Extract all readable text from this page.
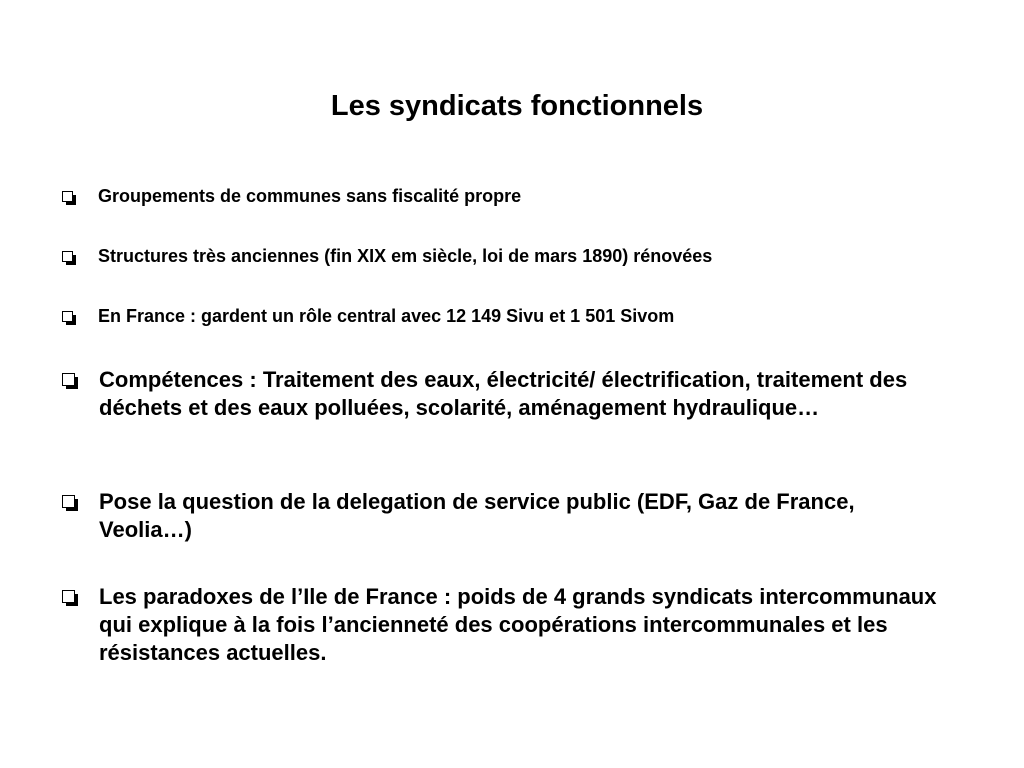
Les syndicats fonctionnels
Groupements de communes sans fiscalité propre
Structures très anciennes (fin XIX em siècle, loi de mars 1890) rénovées
En France : gardent un rôle central avec 12 149 Sivu et 1 501 Sivom
Compétences : Traitement des eaux, électricité/ électrification, traitement des déchets et des eaux polluées, scolarité, aménagement hydraulique…
Pose la question de la delegation de service public (EDF, Gaz de France, Veolia…)
Les paradoxes de l’Ile de France : poids de 4 grands syndicats intercommunaux qui explique à la fois l’ancienneté des coopérations intercommunales et les résistances actuelles.
